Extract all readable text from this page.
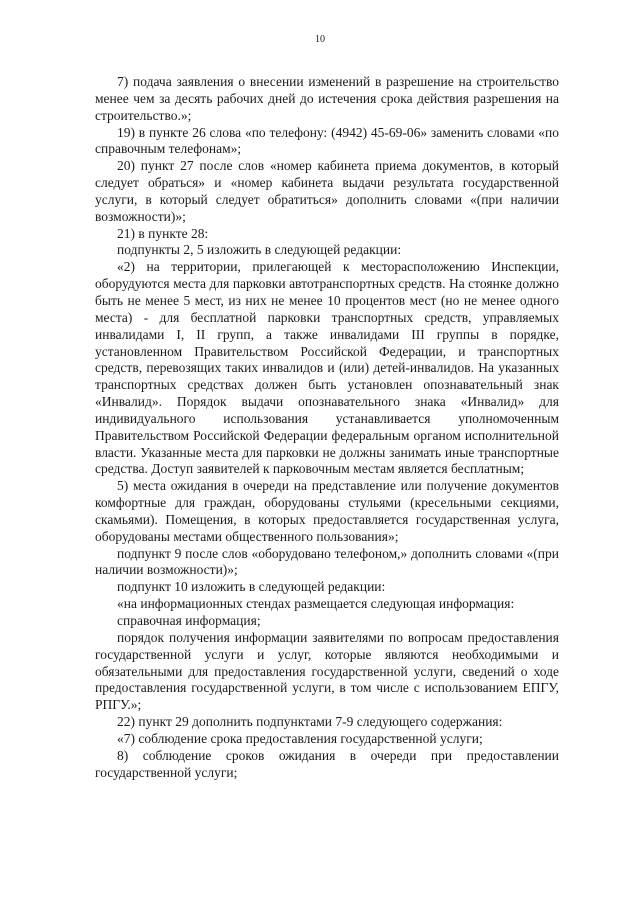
10

7) подача заявления о внесении изменений в разрешение на строительство менее чем за десять рабочих дней до истечения срока действия разрешения на строительство.»;

19) в пункте 26 слова «по телефону: (4942) 45-69-06» заменить словами «по справочным телефонам»;

20) пункт 27 после слов «номер кабинета приема документов, в который следует обраться» и «номер кабинета выдачи результата государственной услуги, в который следует обратиться» дополнить словами «(при наличии возможности)»;

21) в пункте 28:

подпункты 2, 5 изложить в следующей редакции:

«2) на территории, прилегающей к месторасположению Инспекции, оборудуются места для парковки автотранспортных средств. На стоянке должно быть не менее 5 мест, из них не менее 10 процентов мест (но не менее одного места) - для бесплатной парковки транспортных средств, управляемых инвалидами I, II групп, а также инвалидами III группы в порядке, установленном Правительством Российской Федерации, и транспортных средств, перевозящих таких инвалидов и (или) детей-инвалидов. На указанных транспортных средствах должен быть установлен опознавательный знак «Инвалид». Порядок выдачи опознавательного знака «Инвалид» для индивидуального использования устанавливается уполномоченным Правительством Российской Федерации федеральным органом исполнительной власти. Указанные места для парковки не должны занимать иные транспортные средства. Доступ заявителей к парковочным местам является бесплатным;

5) места ожидания в очереди на представление или получение документов комфортные для граждан, оборудованы стульями (кресельными секциями, скамьями). Помещения, в которых предоставляется государственная услуга, оборудованы местами общественного пользования»;

подпункт 9 после слов «оборудовано телефоном,» дополнить словами «(при наличии возможности)»;

подпункт 10 изложить в следующей редакции:

«на информационных стендах размещается следующая информация:

справочная информация;

порядок получения информации заявителями по вопросам предоставления государственной услуги и услуг, которые являются необходимыми и обязательными для предоставления государственной услуги, сведений о ходе предоставления государственной услуги, в том числе с использованием ЕПГУ, РПГУ.»;

22) пункт 29 дополнить подпунктами 7-9 следующего содержания:

«7) соблюдение срока предоставления государственной услуги;

8) соблюдение сроков ожидания в очереди при предоставлении государственной услуги;
